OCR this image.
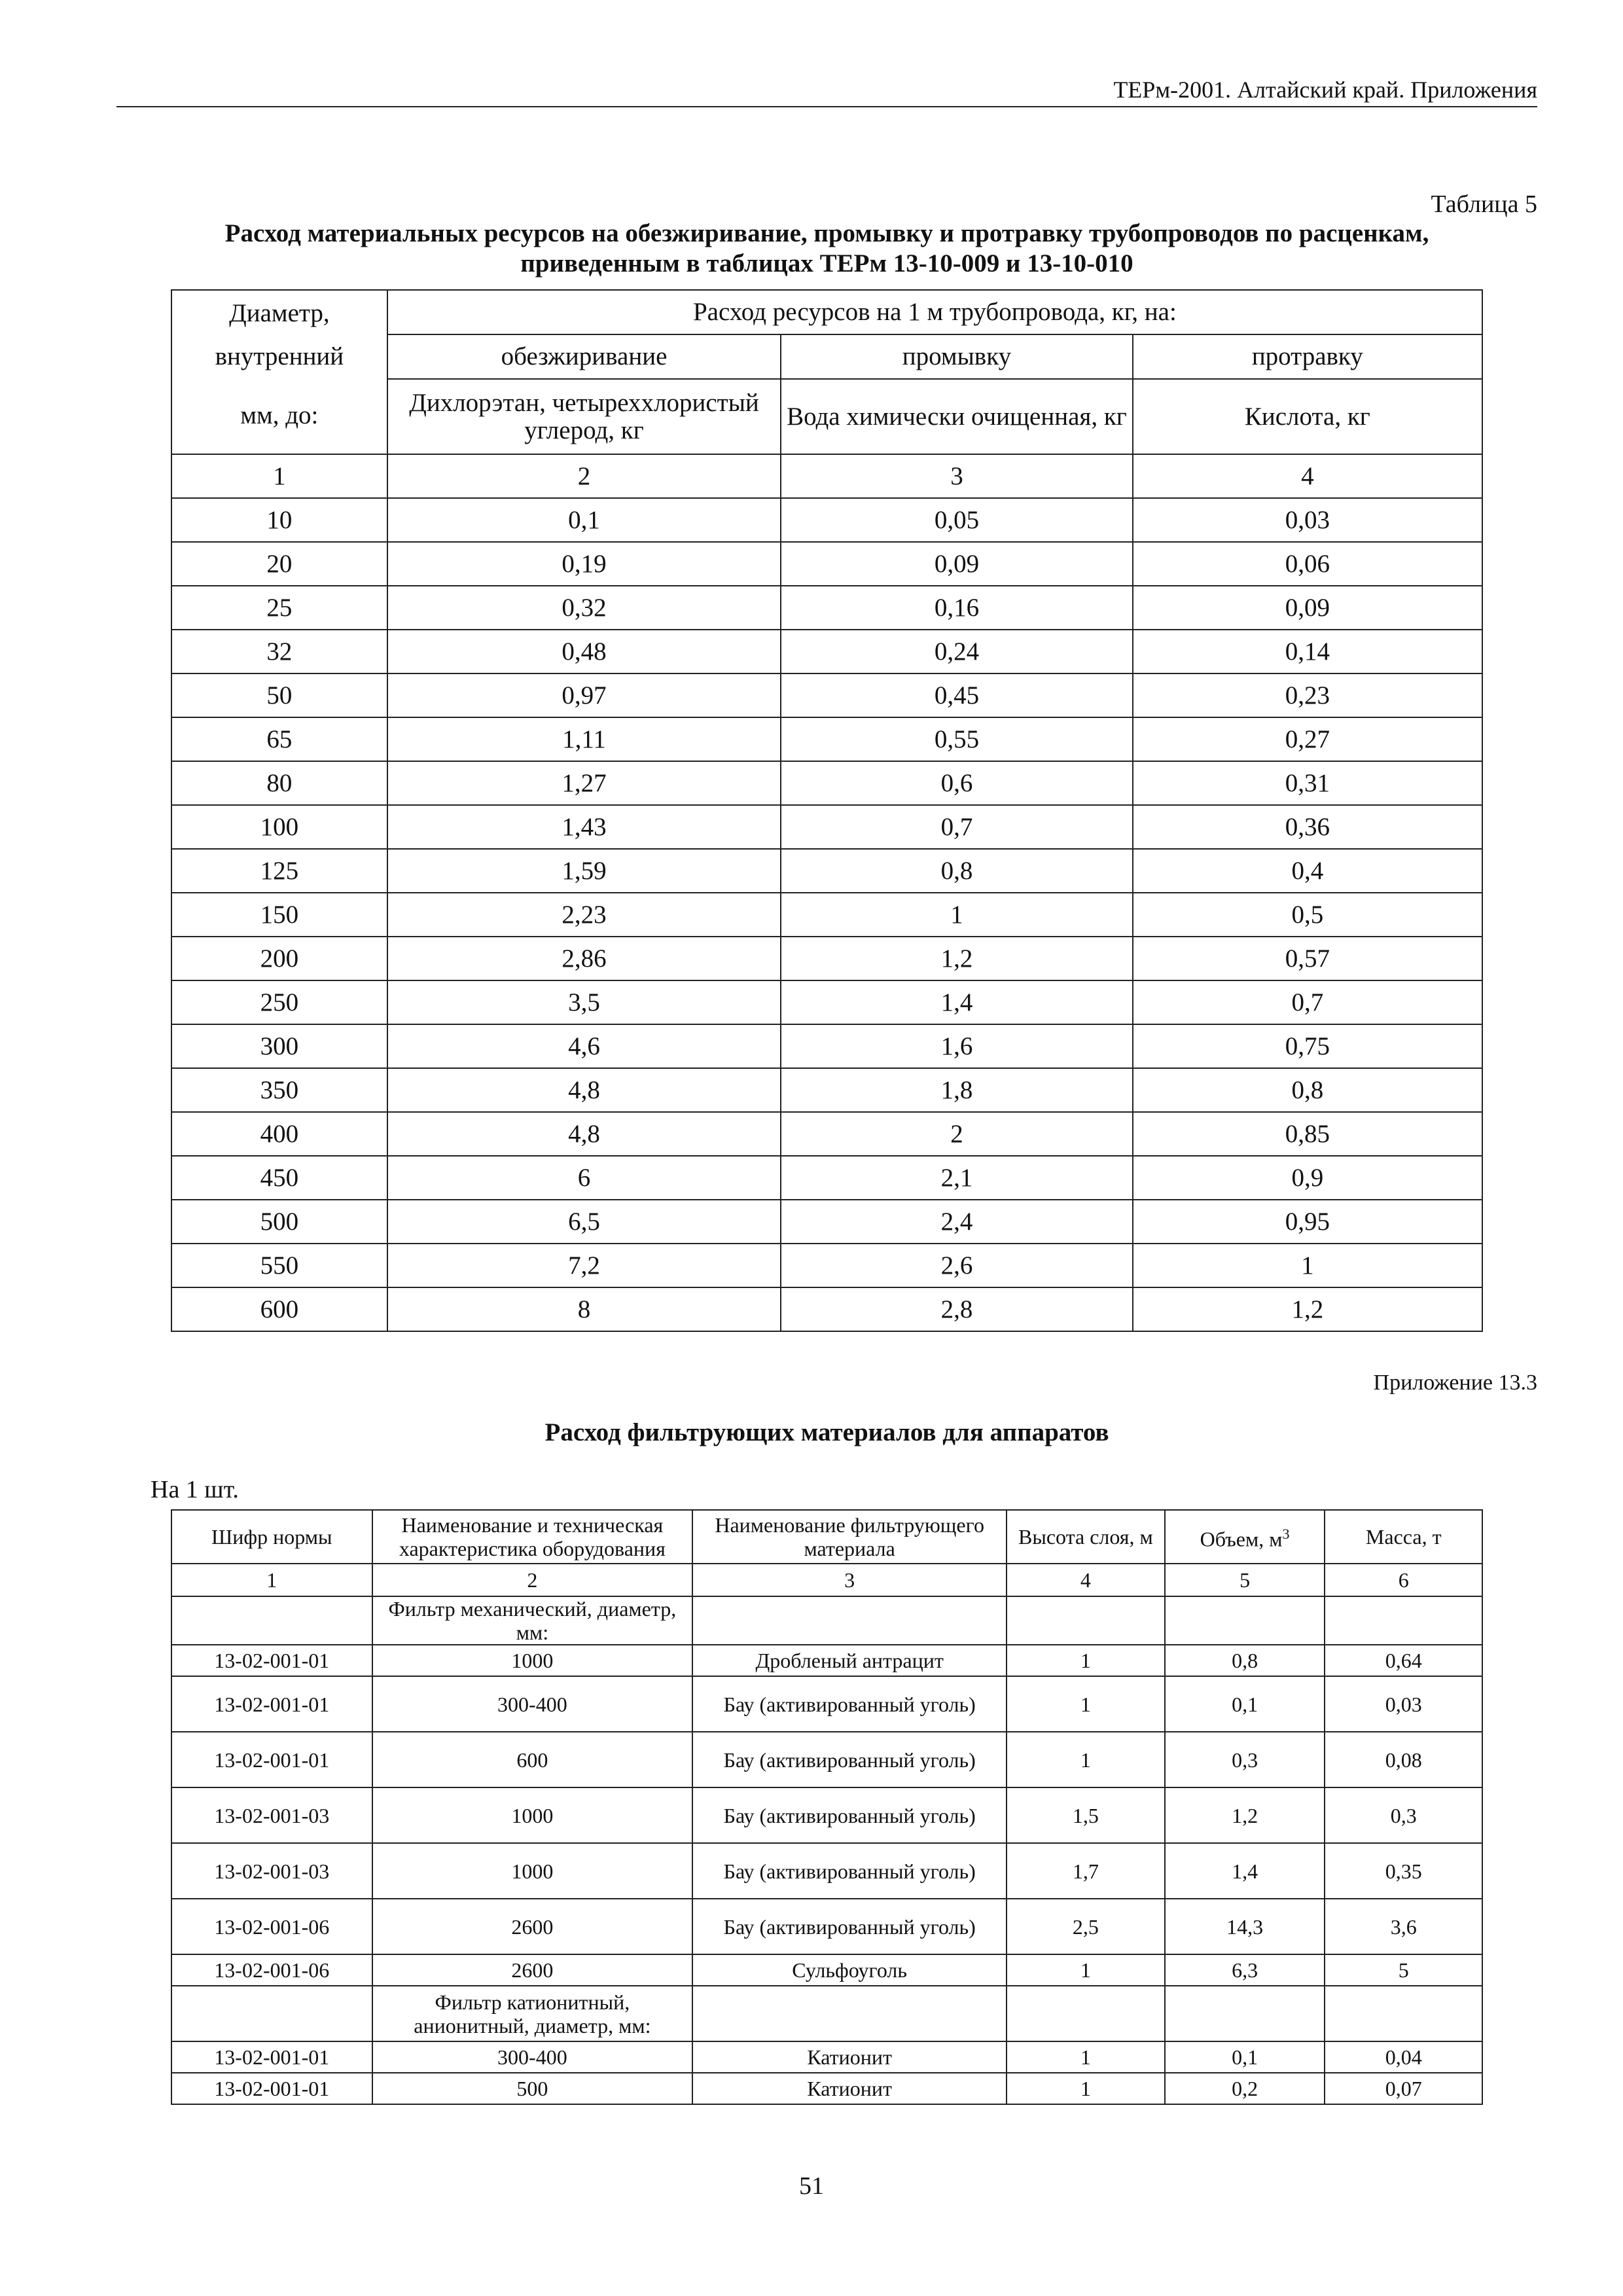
ТЕРм-2001. Алтайский край. Приложения
Таблица 5
Расход материальных ресурсов на обезжиривание, промывку и протравку трубопроводов по расценкам,
приведенным в таблицах ТЕРм 13-10-009 и 13-10-010
Диаметр,
внутренний
мм, до:	Расход ресурсов на 1 м трубопровода, кг, на:		
	обезжиривание	промывку	протравку
	Дихлорэтан, четыреххлористый углерод, кг	Вода химически очищенная, кг	Кислота, кг
1	2	3	4
10	0,1	0,05	0,03
20	0,19	0,09	0,06
25	0,32	0,16	0,09
32	0,48	0,24	0,14
50	0,97	0,45	0,23
65	1,11	0,55	0,27
80	1,27	0,6	0,31
100	1,43	0,7	0,36
125	1,59	0,8	0,4
150	2,23	1	0,5
200	2,86	1,2	0,57
250	3,5	1,4	0,7
300	4,6	1,6	0,75
350	4,8	1,8	0,8
400	4,8	2	0,85
450	6	2,1	0,9
500	6,5	2,4	0,95
550	7,2	2,6	1
600	8	2,8	1,2
Приложение 13.3
Расход фильтрующих материалов для аппаратов
На 1 шт.
Шифр нормы	Наименование и техническая характеристика оборудования	Наименование фильтрующего материала	Высота слоя, м	Объем, $м^3$	Масса, т
1	2	3	4	5	6
	Фильтр механический, диаметр, мм:				
13-02-001-01	1000	Дробленый антрацит	1	0,8	0,64
13-02-001-01	300-400	Бау (активированный уголь)	1	0,1	0,03
13-02-001-01	600	Бау (активированный уголь)	1	0,3	0,08
13-02-001-03	1000	Бау (активированный уголь)	1,5	1,2	0,3
13-02-001-03	1000	Бау (активированный уголь)	1,7	1,4	0,35
13-02-001-06	2600	Бау (активированный уголь)	2,5	14,3	3,6
13-02-001-06	2600	Сульфоуголь	1	6,3	5
	Фильтр катионитный, анионитный, диаметр, мм:				
13-02-001-01	300-400	Катионит	1	0,1	0,04
13-02-001-01	500	Катионит	1	0,2	0,07
51
